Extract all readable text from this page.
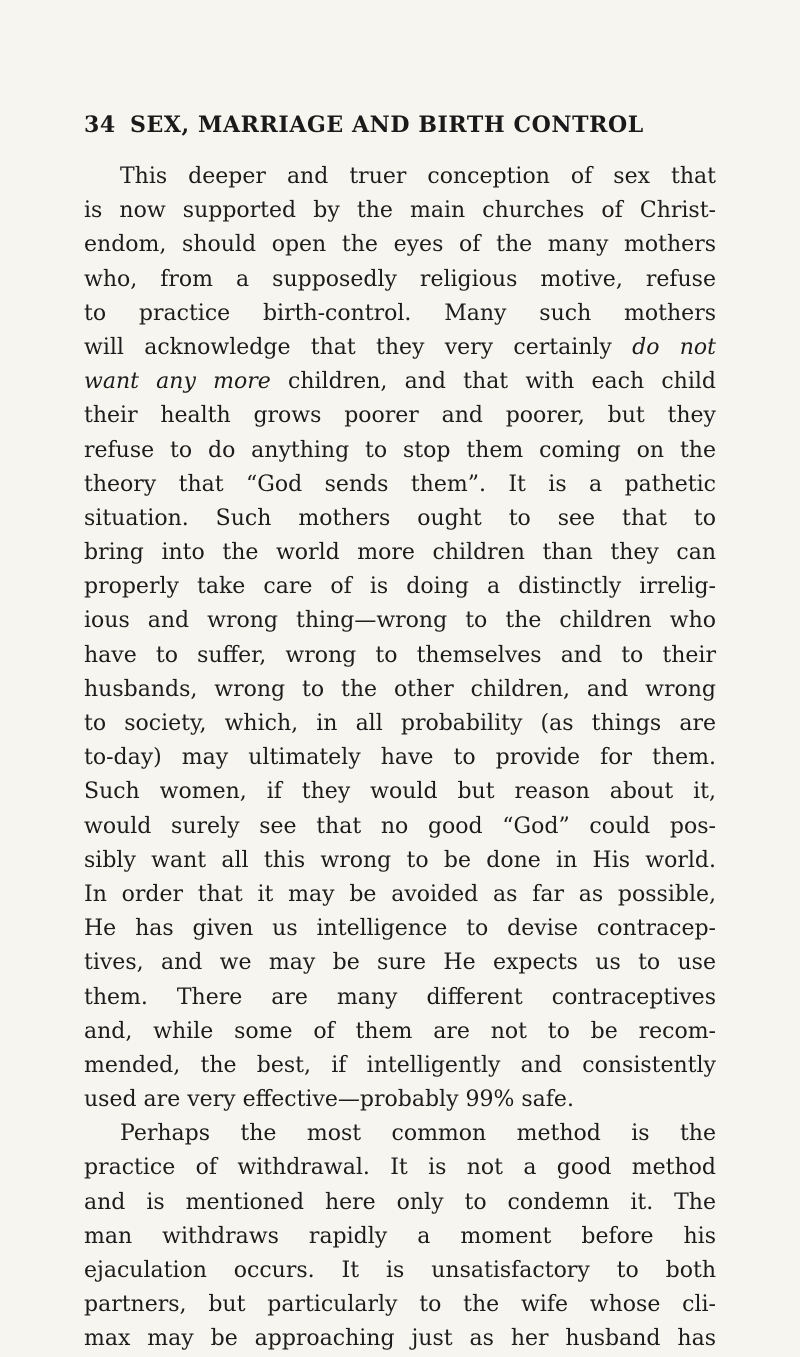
34 SEX, MARRIAGE AND BIRTH CONTROL
This deeper and truer conception of sex that
is now supported by the main churches of Christ-
endom, should open the eyes of the many mothers
who, from a supposedly religious motive, refuse
to practice birth-control. Many such mothers
will acknowledge that they very certainly do not
want any more children, and that with each child
their health grows poorer and poorer, but they
refuse to do anything to stop them coming on the
theory that “God sends them”. It is a pathetic
situation. Such mothers ought to see that to
bring into the world more children than they can
properly take care of is doing a distinctly irrelig-
ious and wrong thing—wrong to the children who
have to suffer, wrong to themselves and to their
husbands, wrong to the other children, and wrong
to society, which, in all probability (as things are
to-day) may ultimately have to provide for them.
Such women, if they would but reason about it,
would surely see that no good “God” could pos-
sibly want all this wrong to be done in His world.
In order that it may be avoided as far as possible,
He has given us intelligence to devise contracep-
tives, and we may be sure He expects us to use
them. There are many different contraceptives
and, while some of them are not to be recom-
mended, the best, if intelligently and consistently
used are very effective—probably 99% safe.
Perhaps the most common method is the
practice of withdrawal. It is not a good method
and is mentioned here only to condemn it. The
man withdraws rapidly a moment before his
ejaculation occurs. It is unsatisfactory to both
partners, but particularly to the wife whose cli-
max may be approaching just as her husband has
